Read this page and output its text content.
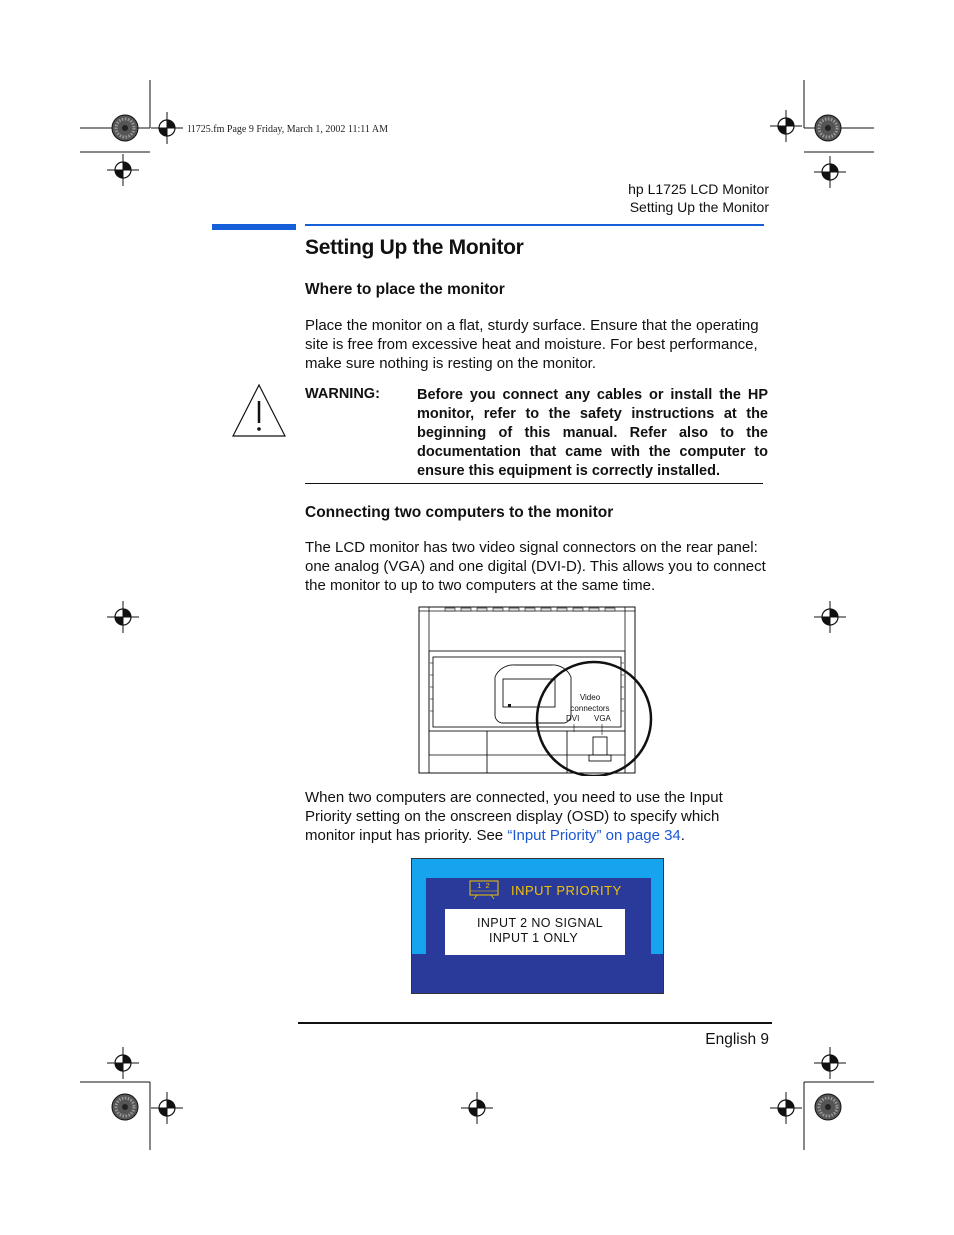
l1725.fm Page 9 Friday, March 1, 2002 11:11 AM
hp L1725 LCD Monitor
Setting Up the Monitor
Setting Up the Monitor
Where to place the monitor

Place the monitor on a flat, sturdy surface. Ensure that the operating site is free from excessive heat and moisture. For best performance, make sure nothing is resting on the monitor.

WARNING:	Before you connect any cables or install the HP monitor, refer to the safety instructions at the beginning of this manual. Refer also to the documentation that came with the computer to ensure this equipment is correctly installed.
Connecting two computers to the monitor

The LCD monitor has two video signal connectors on the rear panel: one analog (VGA) and one digital (DVI-D). This allows you to connect the monitor to up to two computers at the same time.

Video
connectors
DVI VGA

When two computers are connected, you need to use the Input Priority setting on the onscreen display (OSD) to specify which monitor input has priority. See “Input Priority” on page 34.

1 2	INPUT PRIORITY
INPUT 2 NO SIGNAL
INPUT 1 ONLY
English 9
